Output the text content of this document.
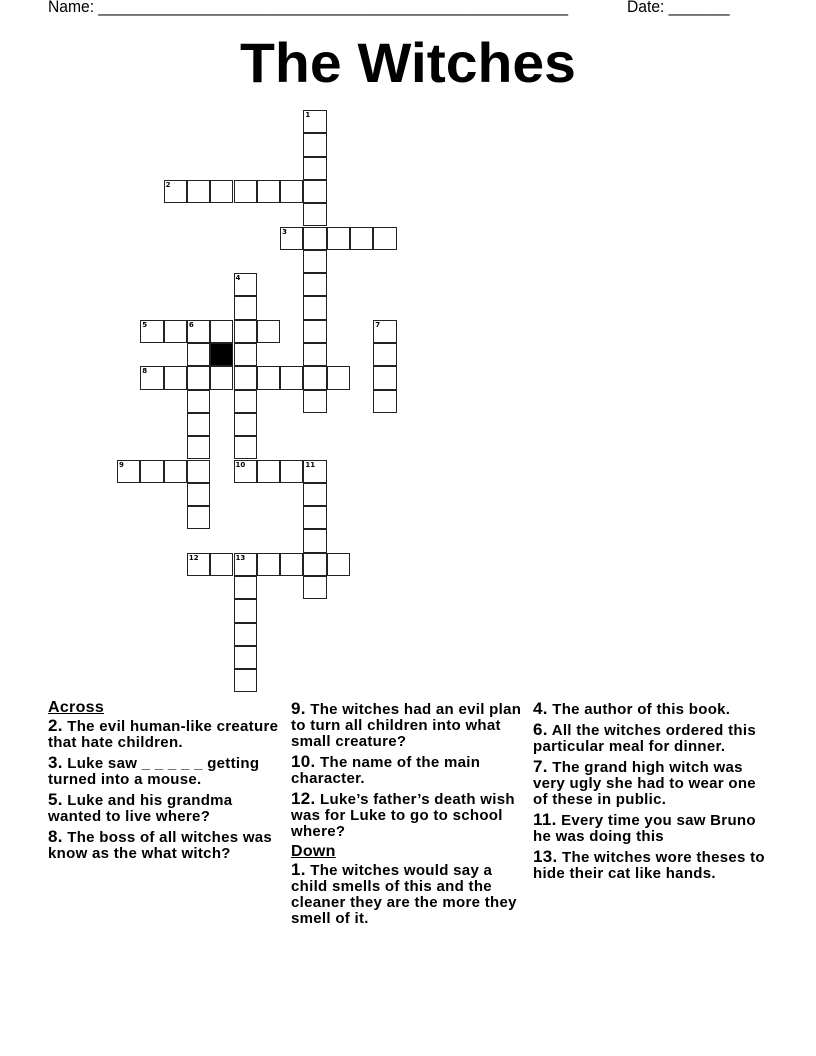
Name: ______________________________________________________	Date: _______
The Witches
1
2
3
4
10
5	6	7
8
9	11
12	13
Across
2. The evil human-like creature that hate children.
3. Luke saw _ _ _ _ _ getting turned into a mouse.
5. Luke and his grandma wanted to live where?
8. The boss of all witches was know as the what witch?
9. The witches had an evil plan to turn all children into what small creature?
10. The name of the main character.
12. Luke’s father’s death wish was for Luke to go to school where?
Down
1. The witches would say a child smells of this and the cleaner they are the more they smell of it.
4. The author of this book.
6. All the witches ordered this particular meal for dinner.
7. The grand high witch was very ugly she had to wear one of these in public.
11. Every time you saw Bruno he was doing this
13. The witches wore theses to hide their cat like hands.
